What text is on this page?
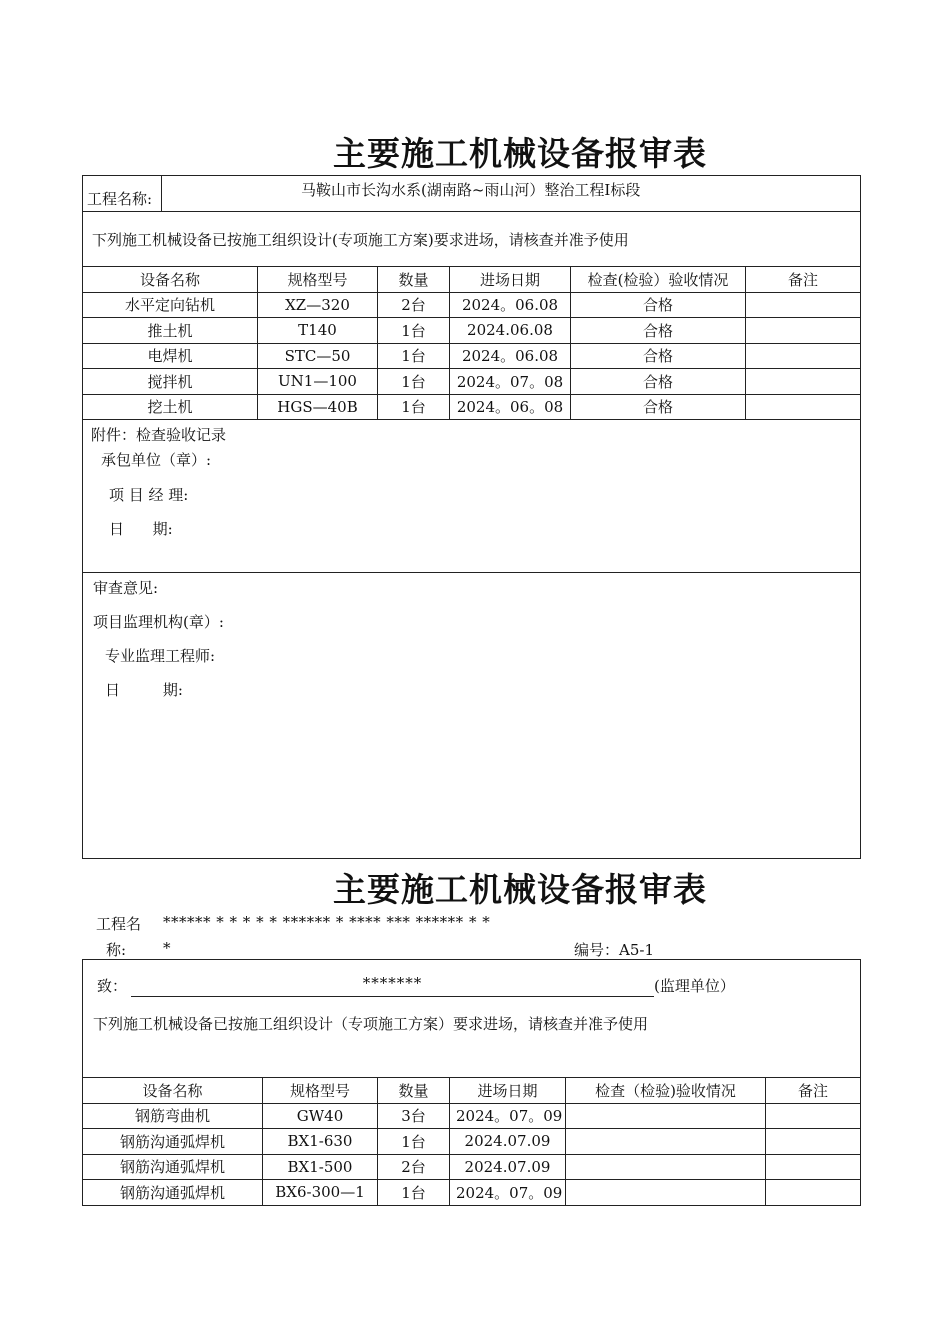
主要施工机械设备报审表
工程名称: 马鞍山市长沟水系(湖南路~雨山河）整治工程Ⅰ标段					

下列施工机械设备已按施工组织设计(专项施工方案)要求进场，请核查并准予使用					
设备名称	规格型号	数量	进场日期	检查(检验）验收情况	备注
水平定向钻机	XZ—320	2台	2024。06.08	合格	
推土机	T140	1台	2024.06.08	合格	
电焊机	STC—50	1台	2024。06.08	合格	
搅拌机	UN1—100	1台	2024。07。08	合格	
挖土机	HGS—40B	1台	2024。06。08	合格	

附件：检查验收记录
承包单位（章）:
项 目 经 理:
日      期:					

审查意见:
项目监理机构(章）:
专业监理工程师:
日         期:					
主要施工机械设备报审表
工程名 ****** * * * * * ****** * **** *** ****** * *
称: *	编号：A5-1
致： ******* (监理单位）
下列施工机械设备已按施工组织设计（专项施工方案）要求进场，请核查并准予使用					

设备名称	规格型号	数量	进场日期	检查（检验)验收情况	备注
钢筋弯曲机	GW40	3台	2024。07。09		
钢筋沟通弧焊机	BX1-630	1台	2024.07.09		
钢筋沟通弧焊机	BX1-500	2台	2024.07.09		
钢筋沟通弧焊机	BX6-300—1	1台	2024。07。09		
